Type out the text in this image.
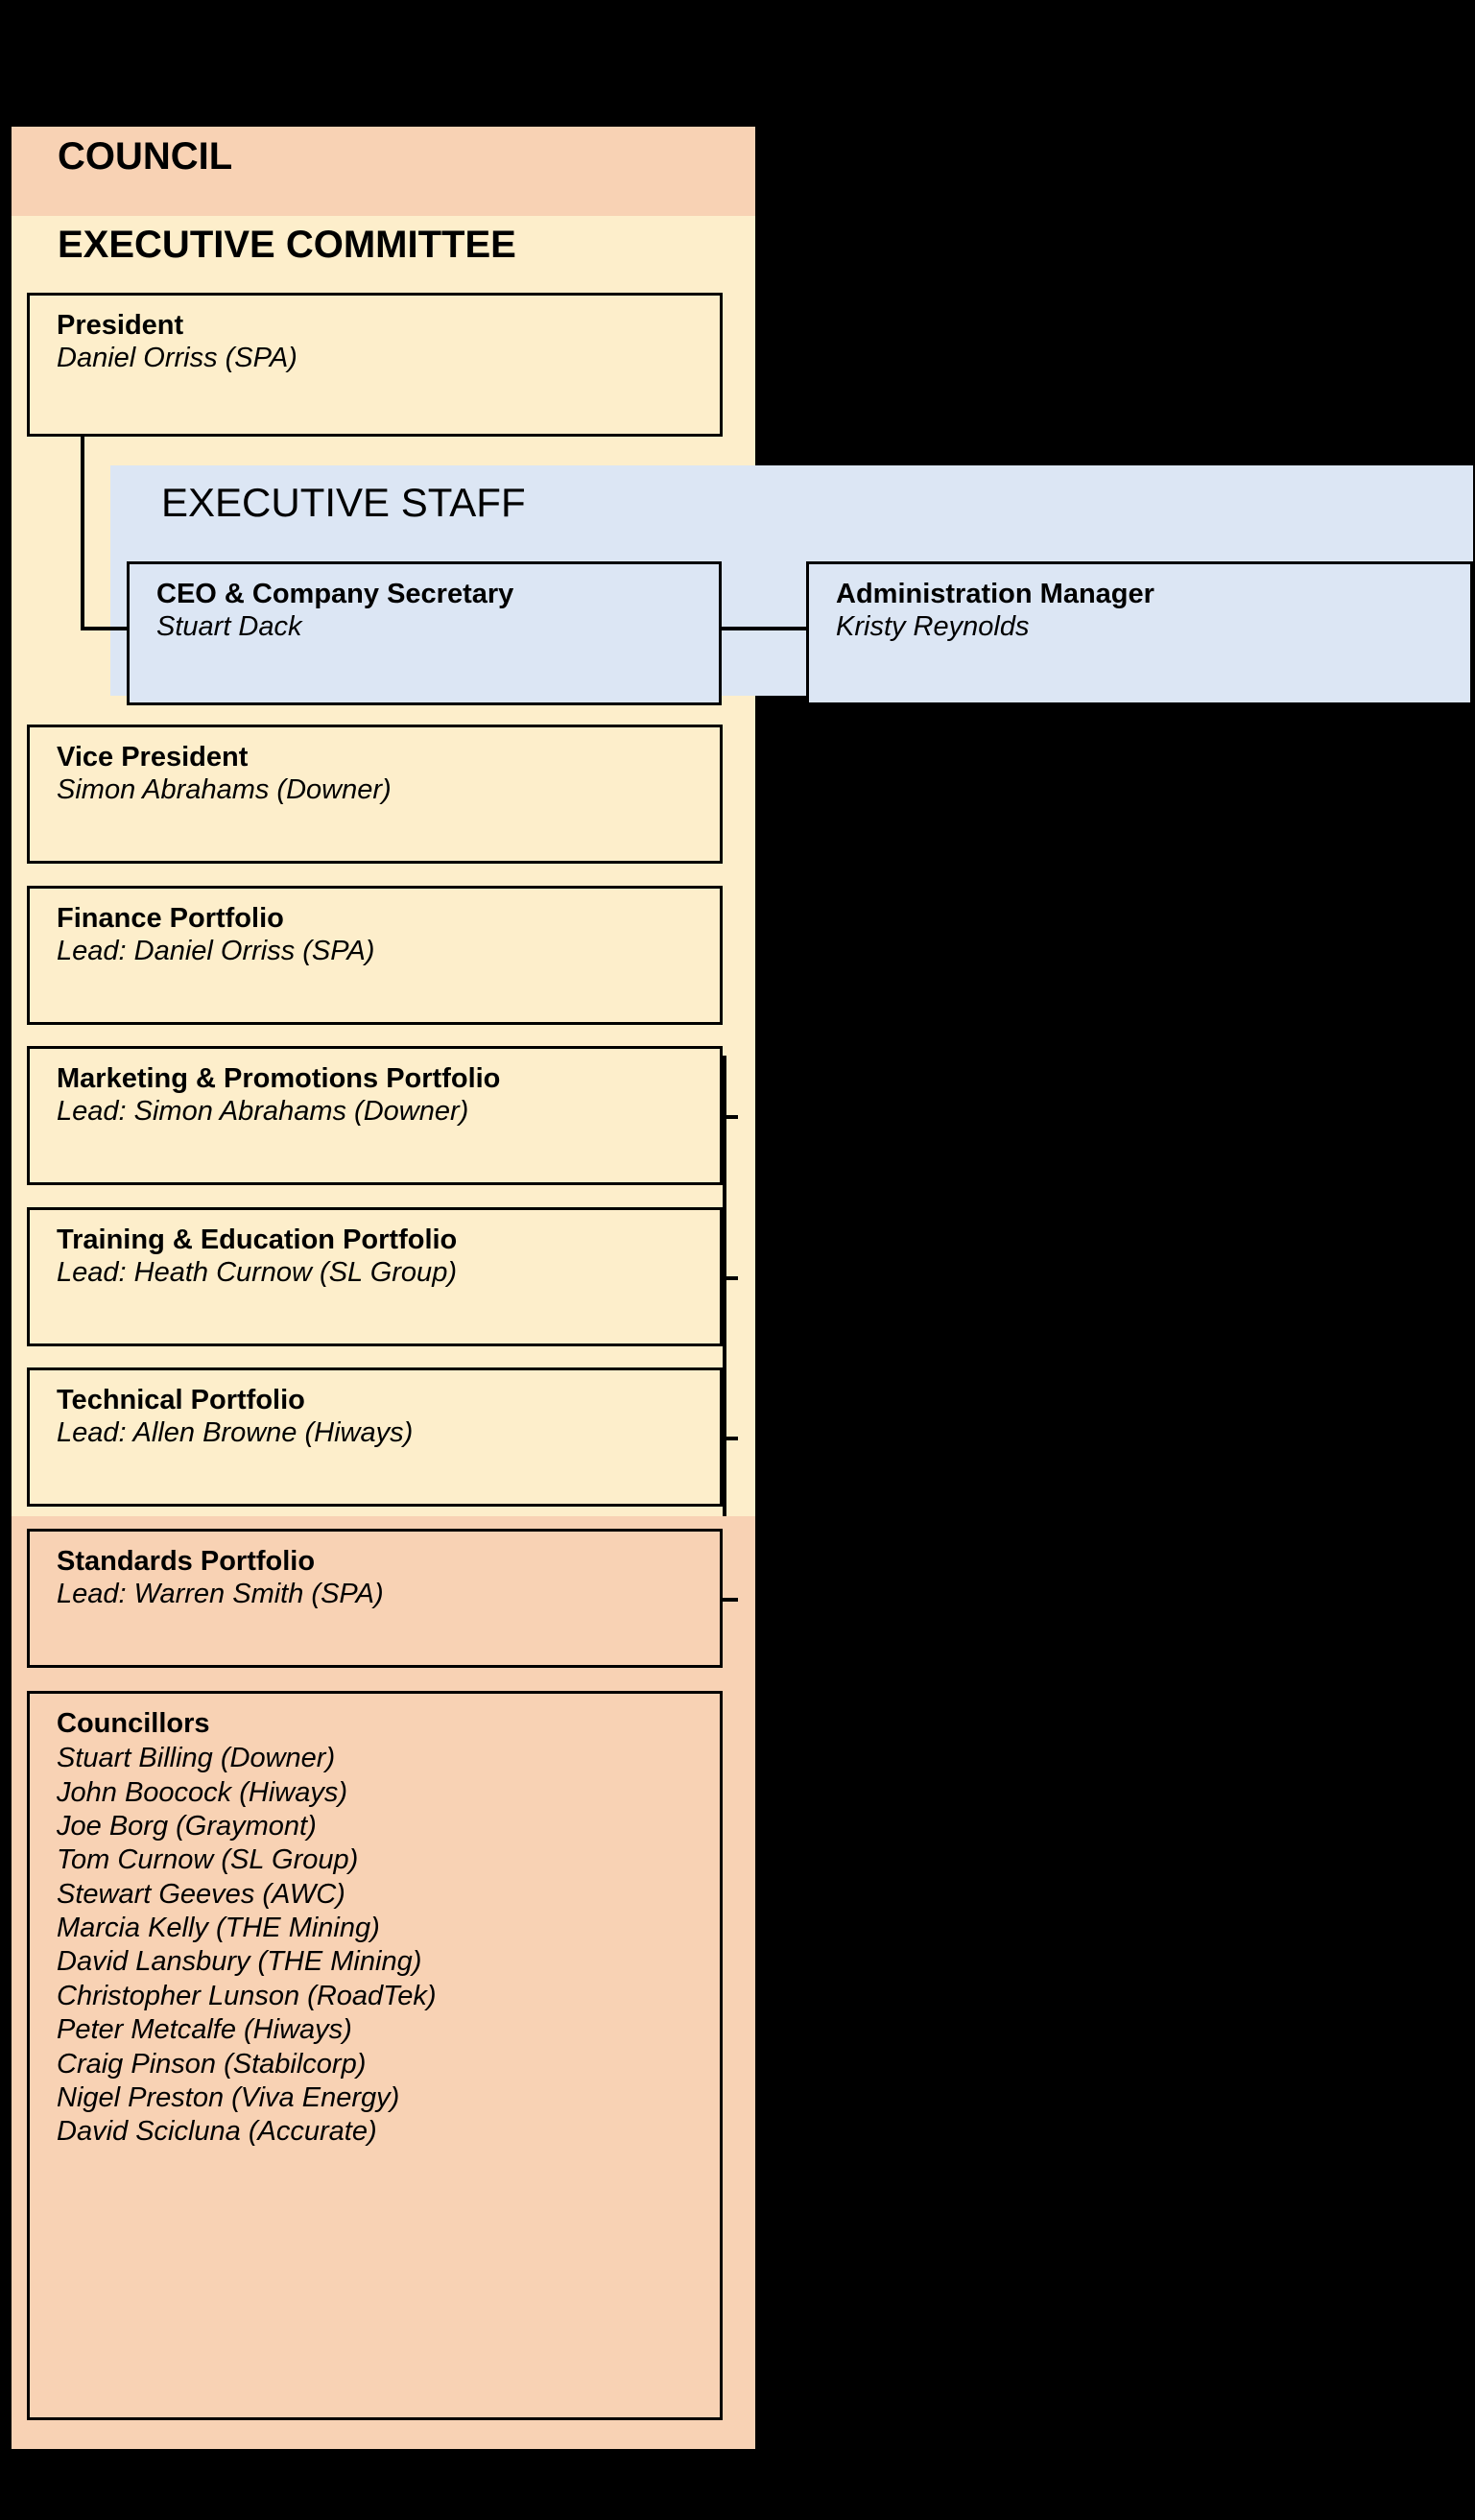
COUNCIL
EXECUTIVE COMMITTEE
EXECUTIVE STAFF
President
Daniel Orriss (SPA)
CEO & Company Secretary
Stuart Dack
Administration Manager
Kristy Reynolds
Vice President
Simon Abrahams (Downer)
Finance Portfolio
Lead: Daniel Orriss (SPA)
Marketing & Promotions Portfolio
Lead: Simon Abrahams (Downer)
Training & Education Portfolio
Lead: Heath Curnow (SL Group)
Technical Portfolio
Lead: Allen Browne (Hiways)
Standards Portfolio
Lead: Warren Smith (SPA)
Councillors
Stuart Billing (Downer)
John Boocock (Hiways)
Joe Borg (Graymont)
Tom Curnow (SL Group)
Stewart Geeves (AWC)
Marcia Kelly (THE Mining)
David Lansbury (THE Mining)
Christopher Lunson (RoadTek)
Peter Metcalfe (Hiways)
Craig Pinson (Stabilcorp)
Nigel Preston (Viva Energy)
David Scicluna (Accurate)
